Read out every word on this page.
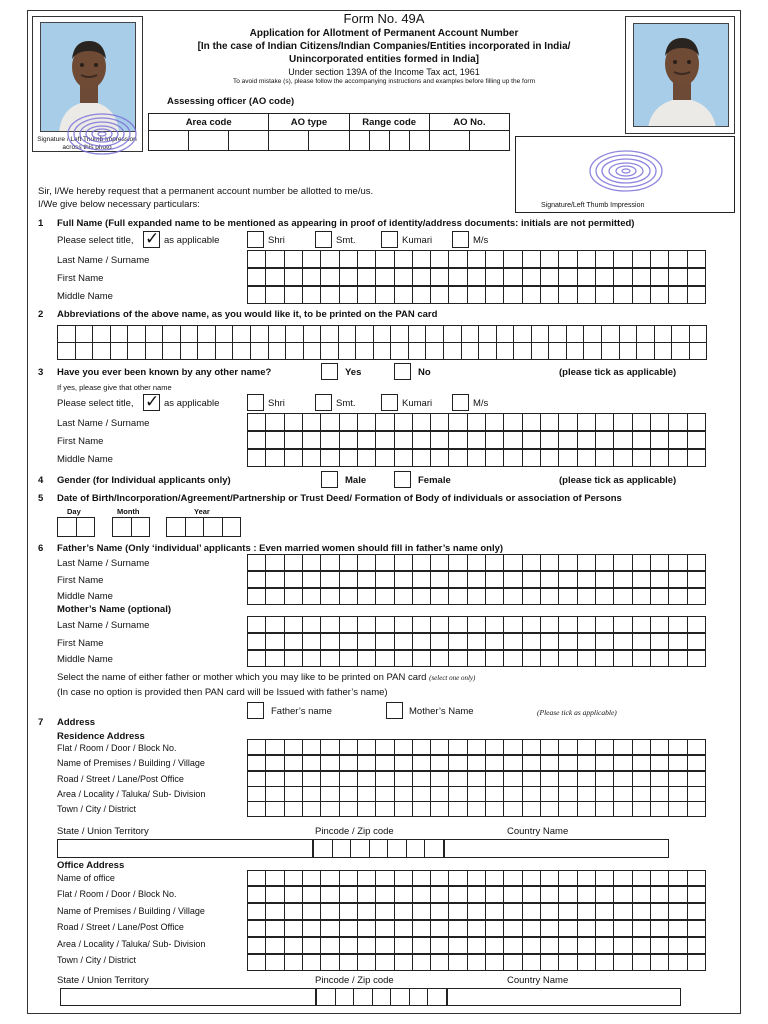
Signature / Left Thumb Impression across this photo
Signature/Left Thumb Impression
Form No. 49A
Application for Allotment of Permanent Account Number
[In the case of Indian Citizens/Indian Companies/Entities incorporated in India/
Unincorporated entities formed in India]
Under section 139A of the Income Tax act, 1961
To avoid mistake (s), please follow the accompanying instructions and examples before filling up the form
Assessing officer (AO code)
Area code			AO type		Range code				AO No.	

Sir, I/We hereby request that a permanent account number be allotted to me/us.
I/We give below necessary particulars:
1 Full Name (Full expanded name to be mentioned as appearing in proof of identity/address documents: initials are not permitted)
Please select title, ✓ as applicable	Shri	Smt.	Kumari	M/s
Last Name / Surname
First Name
Middle Name
2 Abbreviations of the above name, as you would like it, to be printed on the PAN card
3 Have you ever been known by any other name?	Yes	No	(please tick as applicable)
If yes, please give that other name
Please select title, ✓ as applicable	Shri	Smt.	Kumari	M/s
Last Name / Surname
First Name
Middle Name
4 Gender (for Individual applicants only)	Male	Female	(please tick as applicable)
5 Date of Birth/Incorporation/Agreement/Partnership or Trust Deed/ Formation of Body of individuals or association of Persons
Day	Month	Year
6 Father’s Name (Only ‘individual’ applicants : Even married women should fill in father’s name only)
Last Name / Surname
First Name
Middle Name
Mother’s Name (optional)
Last Name / Surname
First Name
Middle Name
Select the name of either father or mother which you may like to be printed on PAN card (select one only)
(In case no option is provided then PAN card will be Issued with father’s name)
Father’s name	Mother’s Name	(Please tick as applicable)
7 Address
Residence Address
Flat / Room / Door / Block No.
Name of Premises / Building / Village
Road / Street / Lane/Post Office
Area / Locality / Taluka/ Sub- Division
Town / City / District
State / Union Territory	Pincode / Zip code	Country Name
Office Address
Name of office
Flat / Room / Door / Block No.
Name of Premises / Building / Village
Road / Street / Lane/Post Office
Area / Locality / Taluka/ Sub- Division
Town / City / District
State / Union Territory	Pincode / Zip code	Country Name
